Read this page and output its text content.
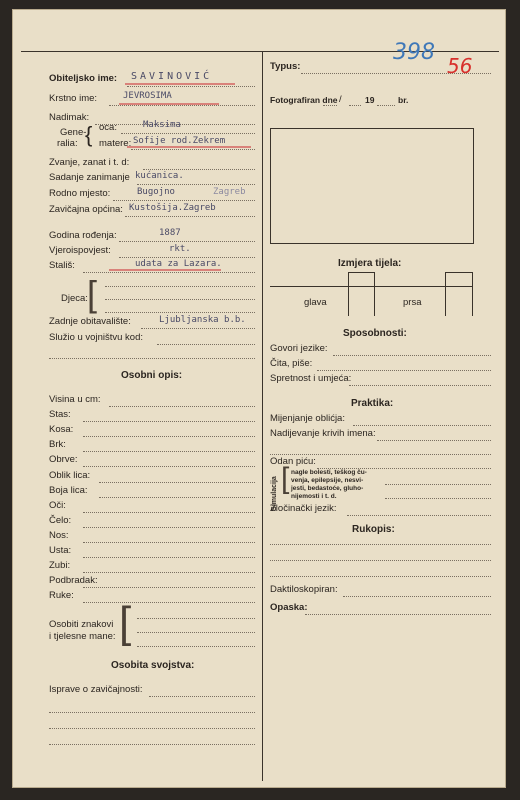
Obiteljsko ime: SAVINOVIĆ
Krstno ime:	JEVROSIMA
Nadimak:
Gene-
ralia: { oca:	Maksima
matere: Sofije rod.Zekrem
Zvanje, zanat i t. d:
Sadanje zanimanje kućanica.
Rodno mjesto:	Bugojno	Zagreb
Zavičajna općina: Kustošija.Zagreb
Godina rođenja:	1887
Vjeroispovjest:	rkt.
Stališ:	udata za Lazara.
Djeca: [
Zadnje obitavalište:	Ljubljanska b.b.
Služio u vojništvu kod:
Osobni opis:
Visina u cm:
Stas:
Kosa:
Brk:
Obrve:
Oblik lica:
Boja lica:
Oči:
Čelo:
Nos:
Usta:
Zubi:
Podbradak:
Ruke:
Osobiti znakovi
i tjelesne mane: [
Osobita svojstva:
Isprave o zavičajnosti:
Typus:
398
56
Fotografiran dne /	19	br.
Izmjera tijela:
glava	prsa
Sposobnosti:
Govori jezike:
Čita, piše:
Spretnost i umjeća:
Praktika:
Mijenjanje oblićja:
Nadijevanje krivih imena:
Odan piću:
Simulacija [ nagle bolesti, teškog ču-
venja, epilepsije, nesvi-
jesti, bedastoće, gluho-
nijemosti i t. d.
Zločinački jezik:
Rukopis:
Daktiloskopiran:
Opaska:
